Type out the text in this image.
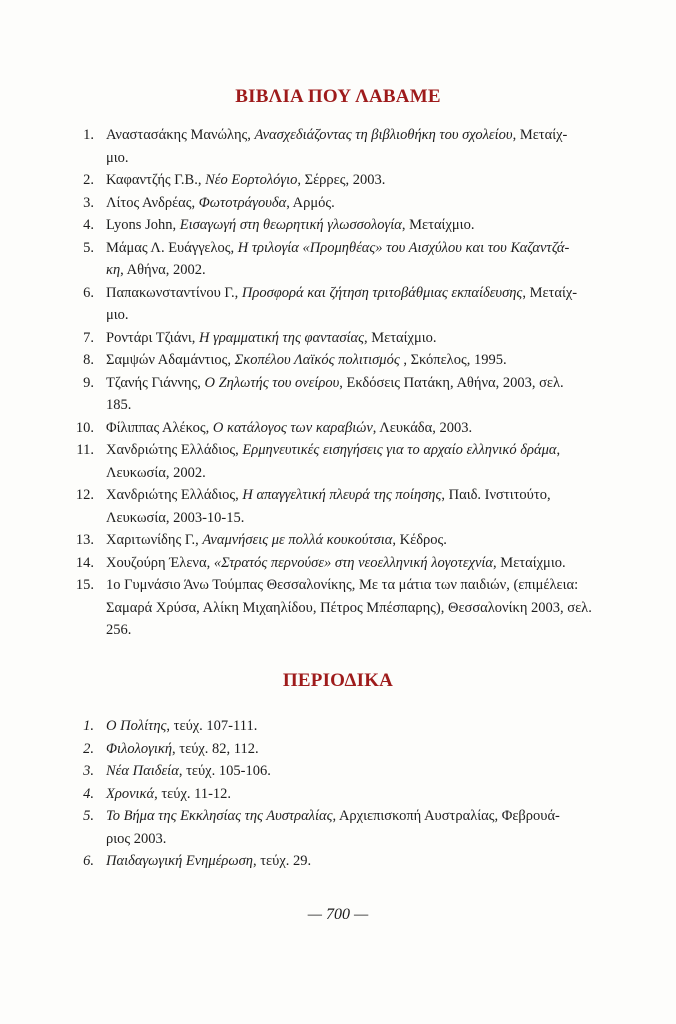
ΒΙΒΛΙΑ ΠΟΥ ΛΑΒΑΜΕ
1. Αναστασάκης Μανώλης, Ανασχεδιάζοντας τη βιβλιοθήκη του σχολείου, Μεταίχ-
μιο.
2. Καφαντζής Γ.Β., Νέο Εορτολόγιο, Σέρρες, 2003.
3. Λίτος Ανδρέας, Φωτοτράγουδα, Αρμός.
4. Lyons John, Εισαγωγή στη θεωρητική γλωσσολογία, Μεταίχμιο.
5. Μάμας Λ. Ευάγγελος, Η τριλογία «Προμηθέας» του Αισχύλου και του Καζαντζά-
κη, Αθήνα, 2002.
6. Παπακωνσταντίνου Γ., Προσφορά και ζήτηση τριτοβάθμιας εκπαίδευσης, Μεταίχ-
μιο.
7. Ροντάρι Τζιάνι, Η γραμματική της φαντασίας, Μεταίχμιο.
8. Σαμψών Αδαμάντιος, Σκοπέλου Λαϊκός πολιτισμός , Σκόπελος, 1995.
9. Τζανής Γιάννης, Ο Ζηλωτής του ονείρου, Εκδόσεις Πατάκη, Αθήνα, 2003, σελ.
185.
10. Φίλιππας Αλέκος, Ο κατάλογος των καραβιών, Λευκάδα, 2003.
11. Χανδριώτης Ελλάδιος, Ερμηνευτικές εισηγήσεις για το αρχαίο ελληνικό δράμα,
Λευκωσία, 2002.
12. Χανδριώτης Ελλάδιος, Η απαγγελτική πλευρά της ποίησης, Παιδ. Ινστιτούτο,
Λευκωσία, 2003-10-15.
13. Χαριτωνίδης Γ., Αναμνήσεις με πολλά κουκούτσια, Κέδρος.
14. Χουζούρη Έλενα, «Στρατός περνούσε» στη νεοελληνική λογοτεχνία, Μεταίχμιο.
15. 1ο Γυμνάσιο Άνω Τούμπας Θεσσαλονίκης, Με τα μάτια των παιδιών, (επιμέλεια:
Σαμαρά Χρύσα, Αλίκη Μιχαηλίδου, Πέτρος Μπέσπαρης), Θεσσαλονίκη 2003, σελ.
256.
ΠΕΡΙΟΔΙΚΑ
1. Ο Πολίτης, τεύχ. 107-111.
2. Φιλολογική, τεύχ. 82, 112.
3. Νέα Παιδεία, τεύχ. 105-106.
4. Χρονικά, τεύχ. 11-12.
5. Το Βήμα της Εκκλησίας της Αυστραλίας, Αρχιεπισκοπή Αυστραλίας, Φεβρουά-
ριος 2003.
6. Παιδαγωγική Ενημέρωση, τεύχ. 29.
— 700 —
